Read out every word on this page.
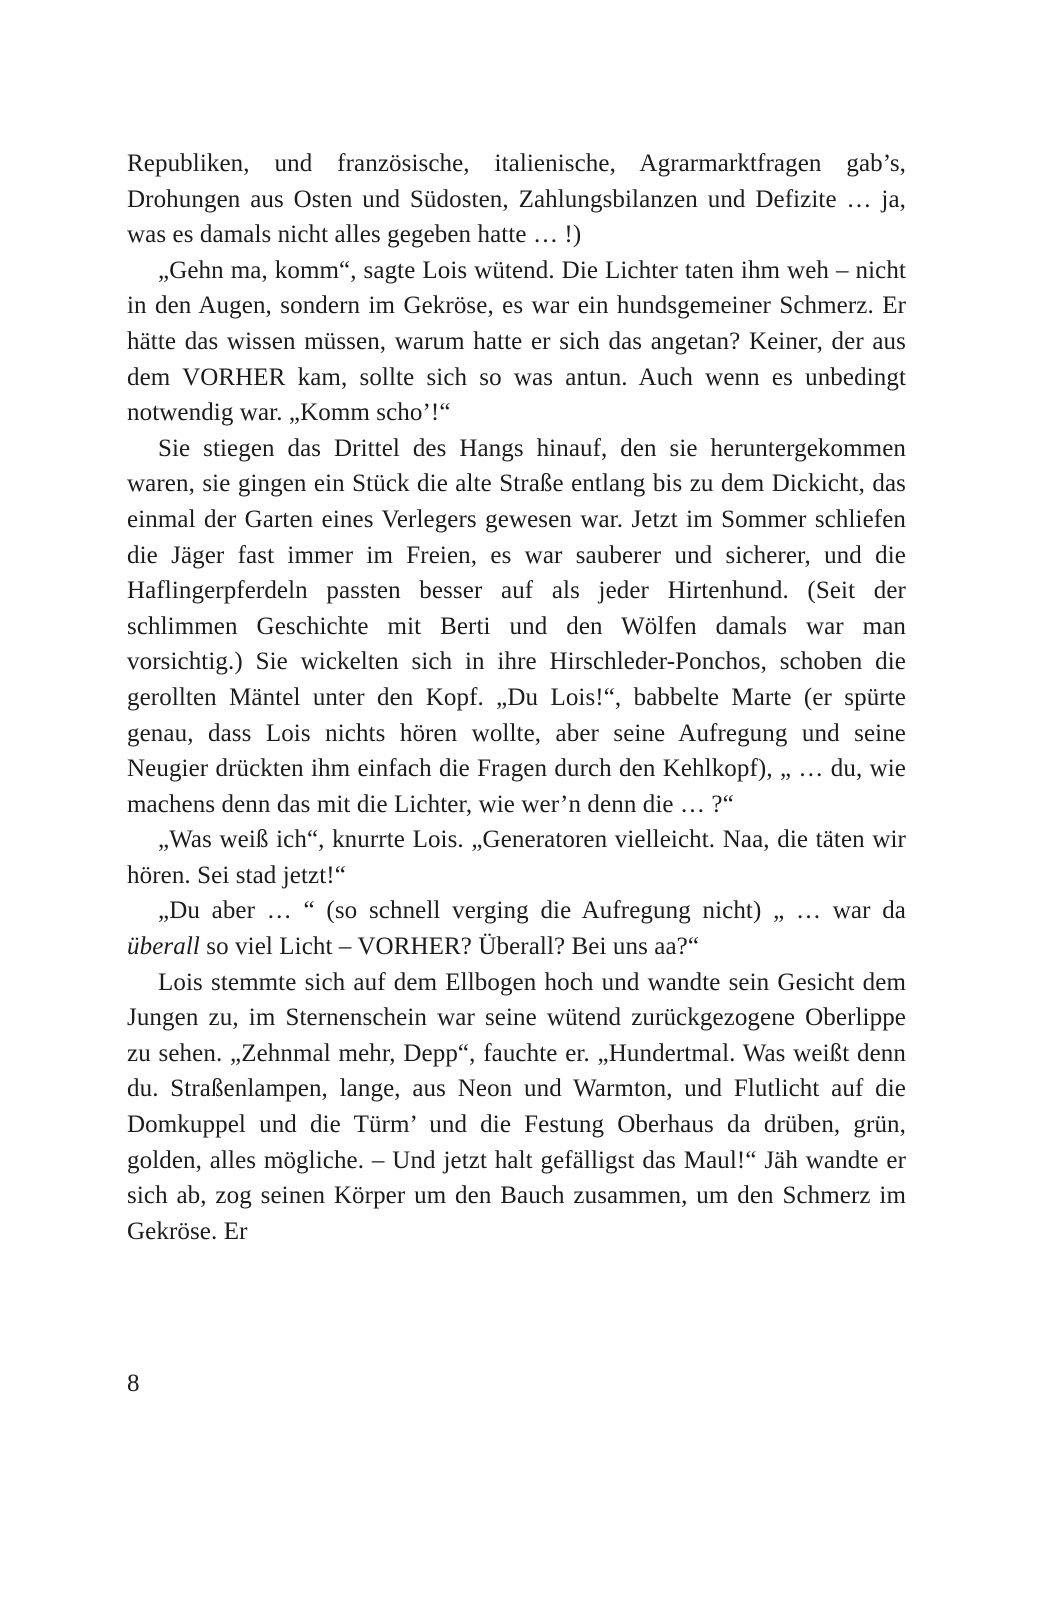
Republiken, und französische, italienische, Agrarmarktfragen gab’s, Drohungen aus Osten und Südosten, Zahlungsbilanzen und Defizite … ja, was es damals nicht alles gegeben hatte … !)

„Gehn ma, komm“, sagte Lois wütend. Die Lichter taten ihm weh – nicht in den Augen, sondern im Gekröse, es war ein hundsgemeiner Schmerz. Er hätte das wissen müssen, warum hatte er sich das angetan? Keiner, der aus dem VORHER kam, sollte sich so was antun. Auch wenn es unbedingt notwendig war. „Komm scho’!“

Sie stiegen das Drittel des Hangs hinauf, den sie heruntergekommen waren, sie gingen ein Stück die alte Straße entlang bis zu dem Dickicht, das einmal der Garten eines Verlegers gewesen war. Jetzt im Sommer schliefen die Jäger fast immer im Freien, es war sauberer und sicherer, und die Haflingerpferdeln passten besser auf als jeder Hirtenhund. (Seit der schlimmen Geschichte mit Berti und den Wölfen damals war man vorsichtig.) Sie wickelten sich in ihre Hirschleder-Ponchos, schoben die gerollten Mäntel unter den Kopf. „Du Lois!“, babbelte Marte (er spürte genau, dass Lois nichts hören wollte, aber seine Aufregung und seine Neugier drückten ihm einfach die Fragen durch den Kehlkopf), „ … du, wie machens denn das mit die Lichter, wie wer’n denn die … ?“

„Was weiß ich“, knurrte Lois. „Generatoren vielleicht. Naa, die täten wir hören. Sei stad jetzt!“

„Du aber … “ (so schnell verging die Aufregung nicht) „ … war da überall so viel Licht – VORHER? Überall? Bei uns aa?“

Lois stemmte sich auf dem Ellbogen hoch und wandte sein Gesicht dem Jungen zu, im Sternenschein war seine wütend zurückgezogene Oberlippe zu sehen. „Zehnmal mehr, Depp“, fauchte er. „Hundertmal. Was weißt denn du. Straßenlampen, lange, aus Neon und Warmton, und Flutlicht auf die Domkuppel und die Türm’ und die Festung Oberhaus da drüben, grün, golden, alles mögliche. – Und jetzt halt gefälligst das Maul!“ Jäh wandte er sich ab, zog seinen Körper um den Bauch zusammen, um den Schmerz im Gekröse. Er

8
